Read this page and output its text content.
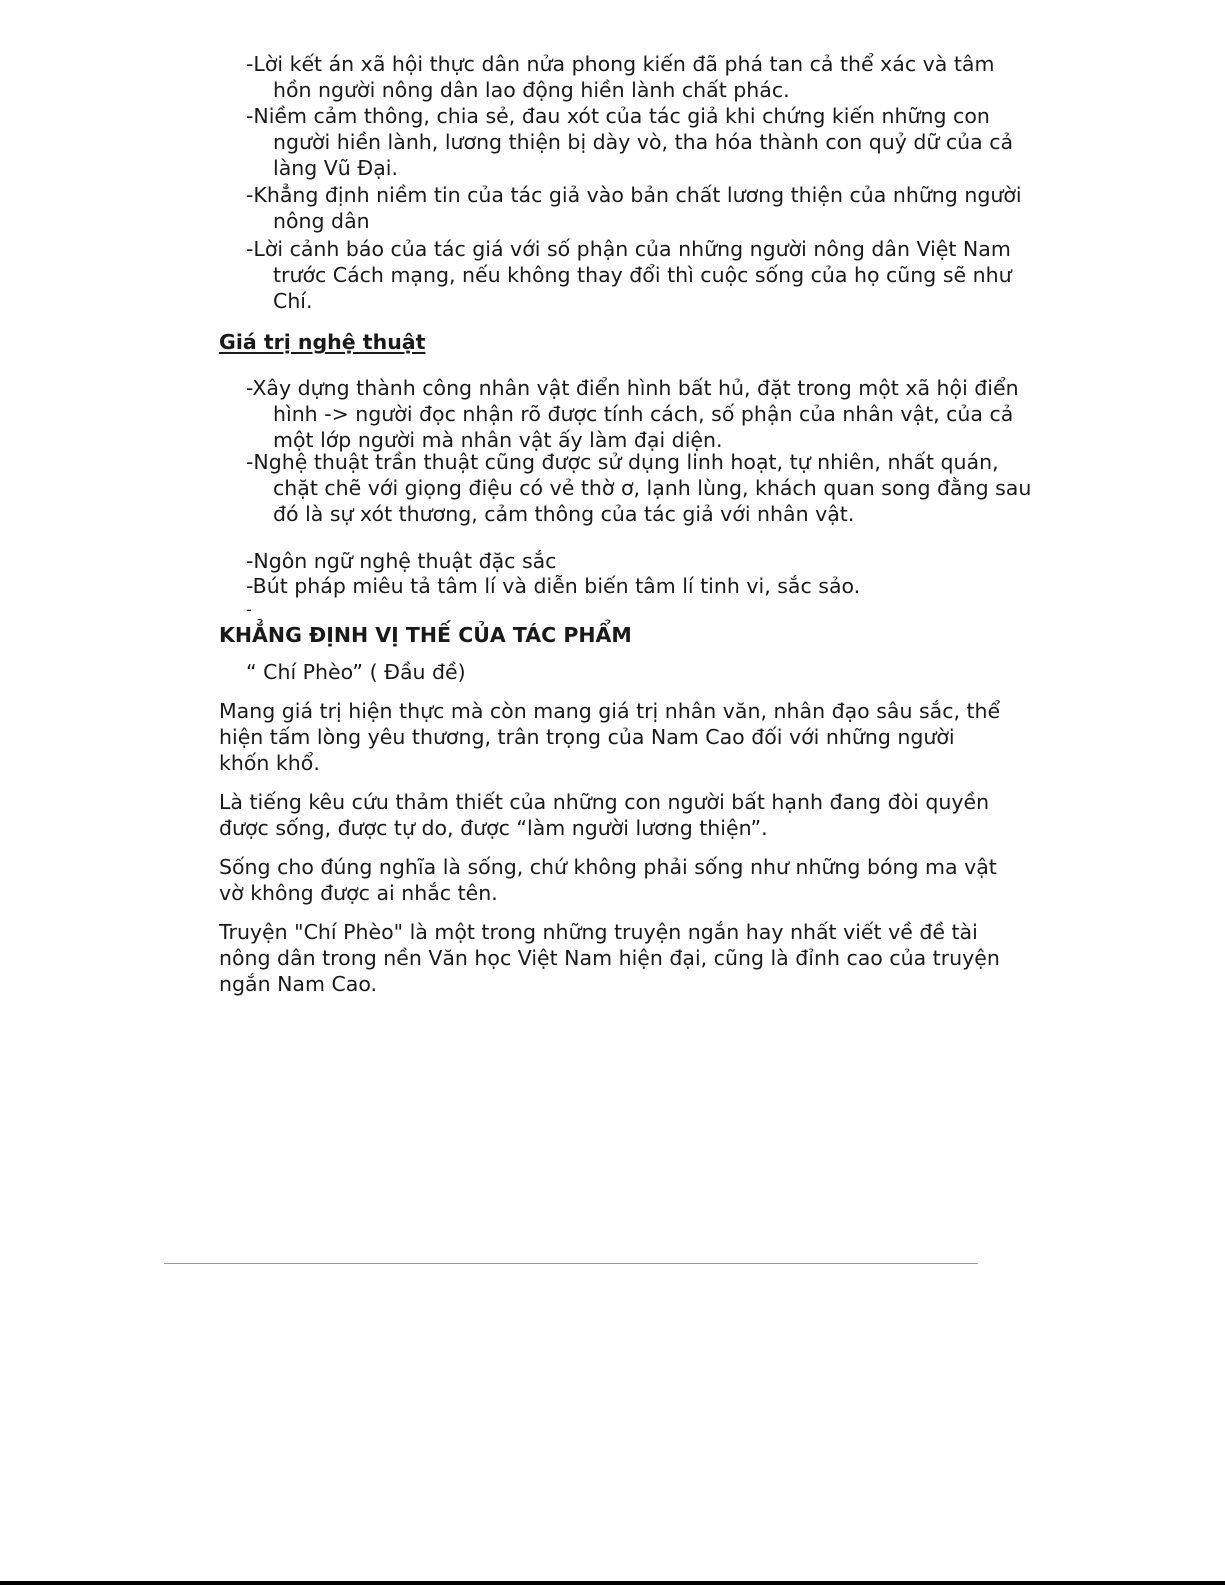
-Lời kết án xã hội thực dân nửa phong kiến đã phá tan cả thể xác và tâm hồn người nông dân lao động hiền lành chất phác.

-Niềm cảm thông, chia sẻ, đau xót của tác giả khi chứng kiến những con người hiền lành, lương thiện bị dày vò, tha hóa thành con quỷ dữ của cả làng Vũ Đại.

-Khẳng định niềm tin của tác giả vào bản chất lương thiện của những người nông dân

-Lời cảnh báo của tác giá với số phận của những người nông dân Việt Nam trước Cách mạng, nếu không thay đổi thì cuộc sống của họ cũng sẽ như Chí.

Giá trị nghệ thuật

-Xây dựng thành công nhân vật điển hình bất hủ, đặt trong một xã hội điển hình -> người đọc nhận rõ được tính cách, số phận của nhân vật, của cả một lớp người mà nhân vật ấy làm đại diện.

-Nghệ thuật trần thuật cũng được sử dụng linh hoạt, tự nhiên, nhất quán, chặt chẽ với giọng điệu có vẻ thờ ơ, lạnh lùng, khách quan song đằng sau đó là sự xót thương, cảm thông của tác giả với nhân vật.

-Ngôn ngữ nghệ thuật đặc sắc

-Bút pháp miêu tả tâm lí và diễn biến tâm lí tinh vi, sắc sảo.

-

KHẲNG ĐỊNH VỊ THẾ CỦA TÁC PHẨM

“ Chí Phèo” ( Đầu đề)

Mang giá trị hiện thực mà còn mang giá trị nhân văn, nhân đạo sâu sắc, thể hiện tấm lòng yêu thương, trân trọng của Nam Cao đối với những người khốn khổ.

Là tiếng kêu cứu thảm thiết của những con người bất hạnh đang đòi quyền được sống, được tự do, được “làm người lương thiện”.

Sống cho đúng nghĩa là sống, chứ không phải sống như những bóng ma vật vờ không được ai nhắc tên.

Truyện "Chí Phèo" là một trong những truyện ngắn hay nhất viết về đề tài nông dân trong nền Văn học Việt Nam hiện đại, cũng là đỉnh cao của truyện ngắn Nam Cao.
